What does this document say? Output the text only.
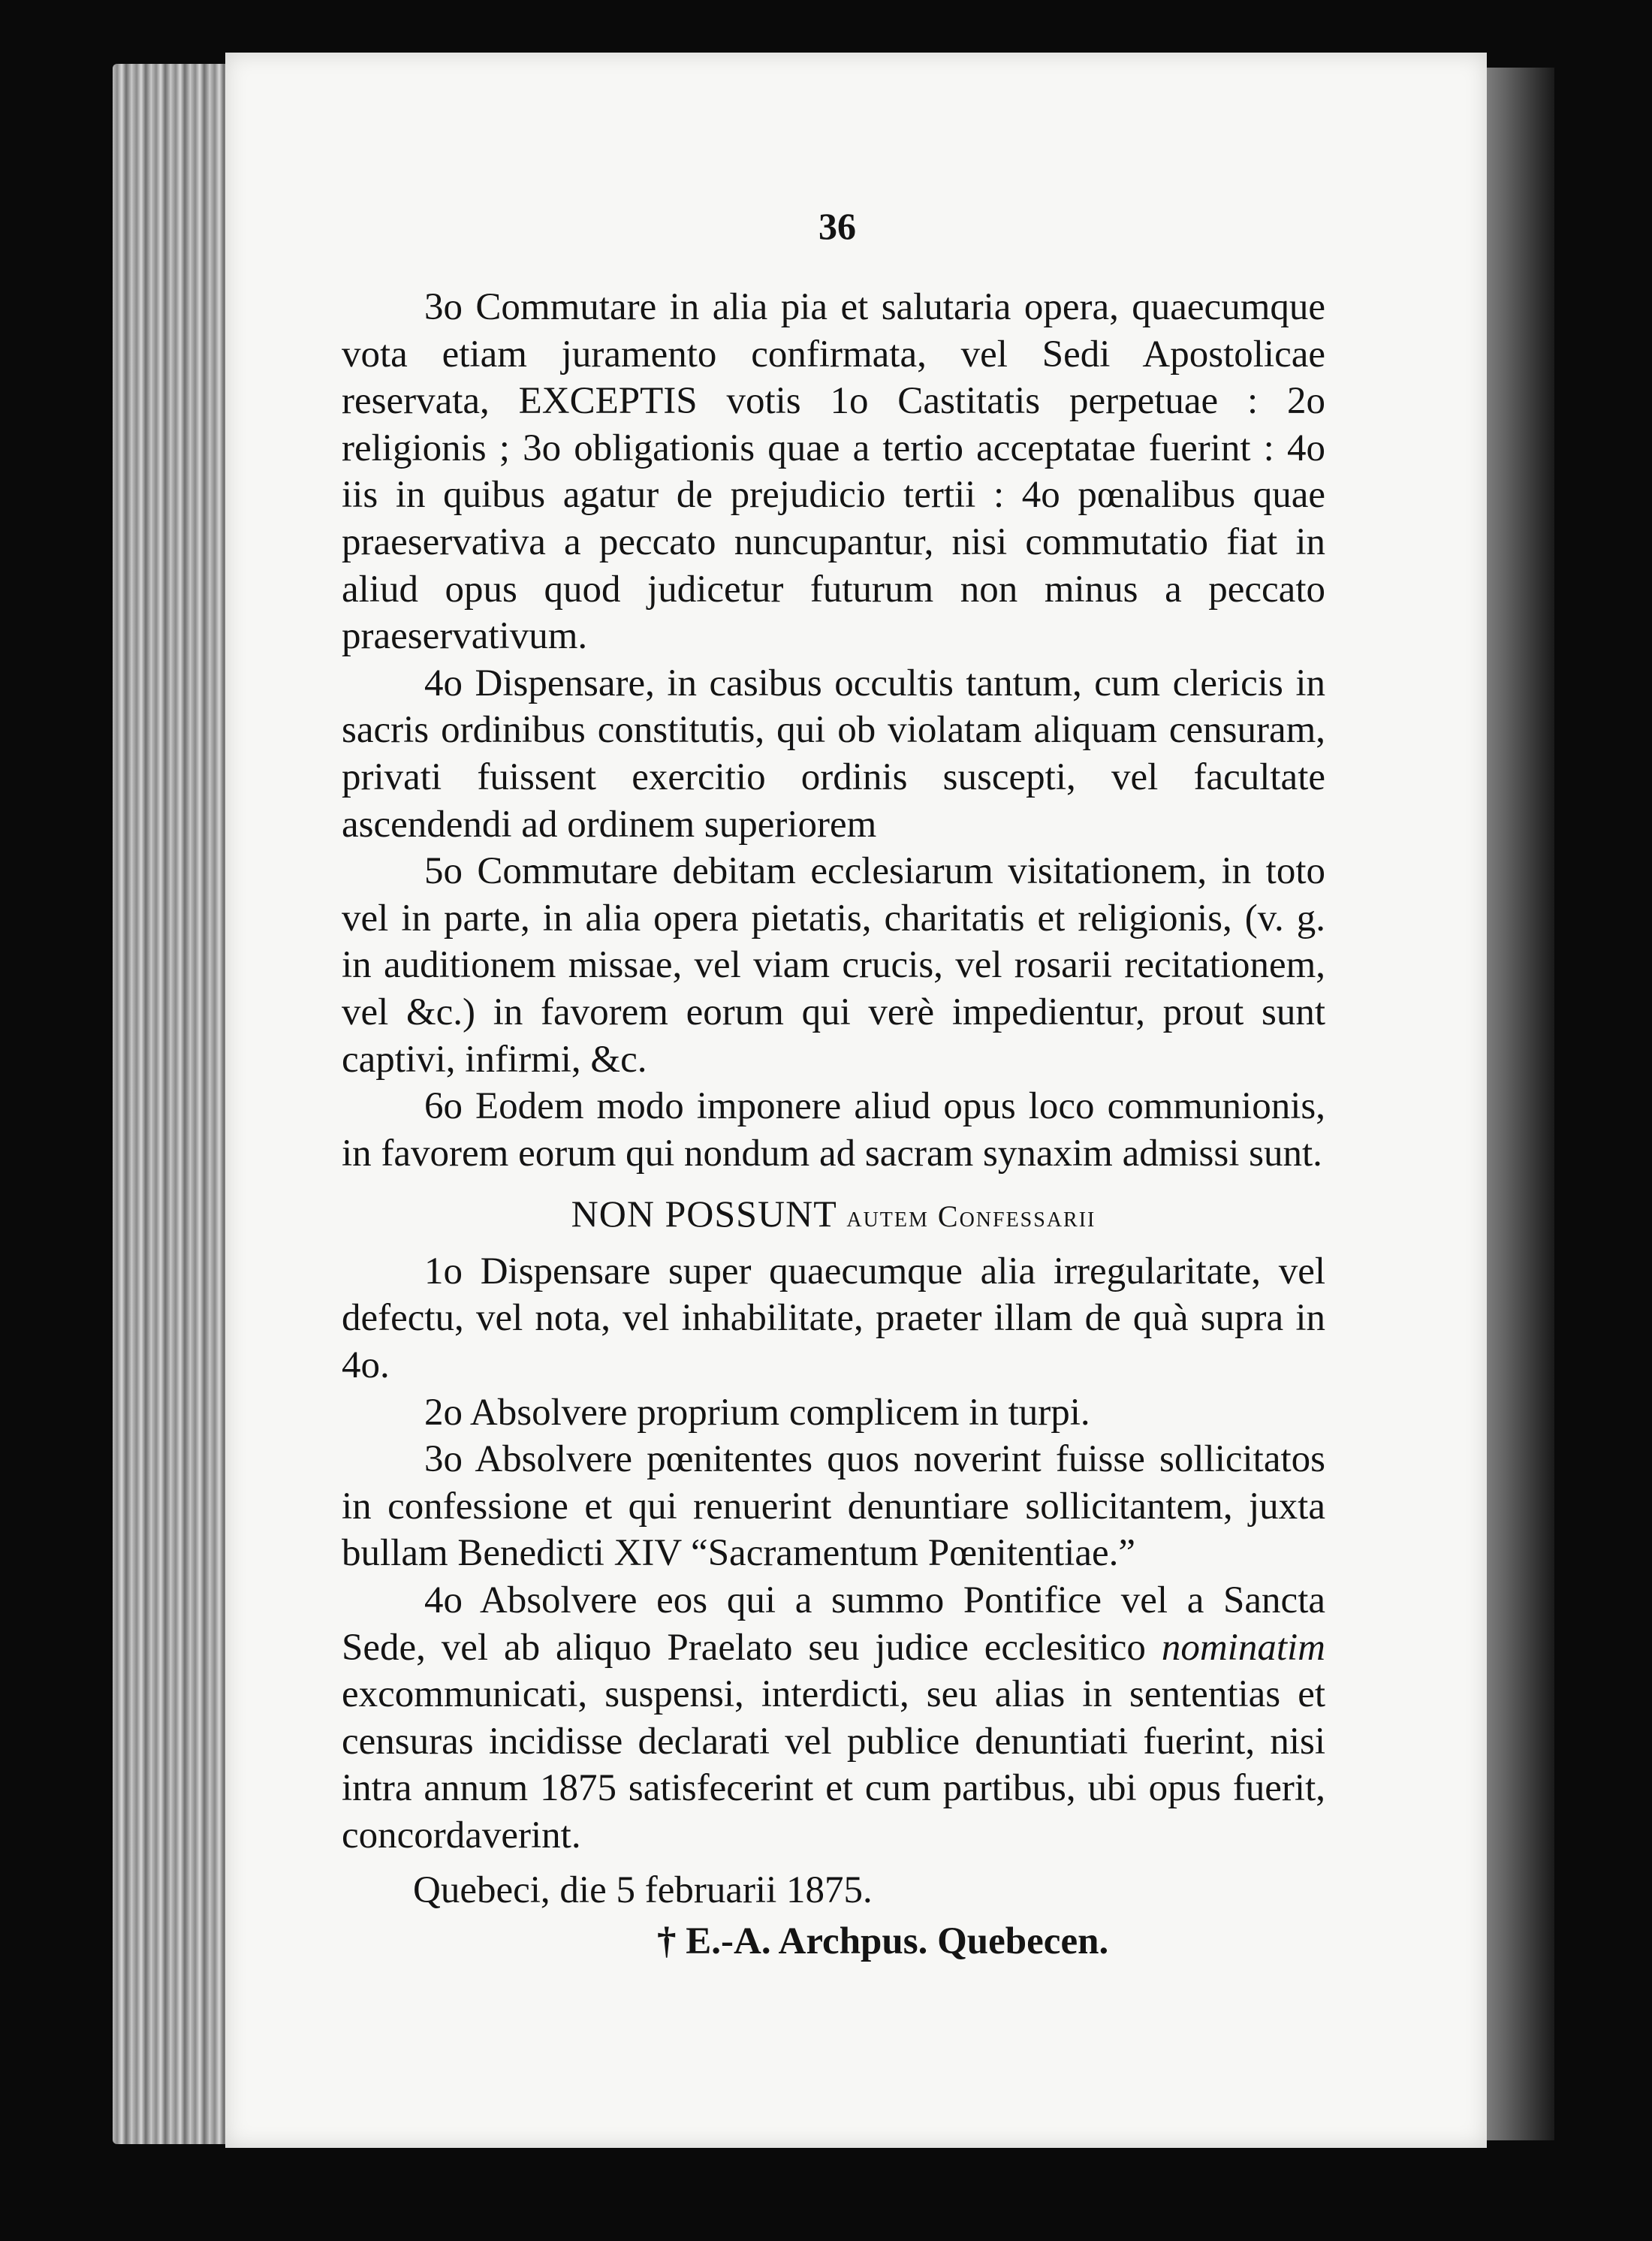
36

3o Commutare in alia pia et salutaria opera, quaecumque vota etiam juramento confirmata, vel Sedi Apostolicae reservata, EXCEPTIS votis 1o Castitatis perpetuae : 2o religionis ; 3o obligationis quae a tertio acceptatae fuerint : 4o iis in quibus agatur de prejudicio tertii : 4o pœnalibus quae praeservativa a peccato nuncupantur, nisi commutatio fiat in aliud opus quod judicetur futurum non minus a peccato praeservativum.

4o Dispensare, in casibus occultis tantum, cum clericis in sacris ordinibus constitutis, qui ob violatam aliquam censuram, privati fuissent exercitio ordinis suscepti, vel facultate ascendendi ad ordinem superiorem

5o Commutare debitam ecclesiarum visitationem, in toto vel in parte, in alia opera pietatis, charitatis et religionis, (v. g. in auditionem missae, vel viam crucis, vel rosarii recitationem, vel &c.) in favorem eorum qui verè impedientur, prout sunt captivi, infirmi, &c.

6o Eodem modo imponere aliud opus loco communionis, in favorem eorum qui nondum ad sacram synaxim admissi sunt.

NON POSSUNT autem Confessarii

1o Dispensare super quaecumque alia irregularitate, vel defectu, vel nota, vel inhabilitate, praeter illam de quà supra in 4o.

2o Absolvere proprium complicem in turpi.

3o Absolvere pœnitentes quos noverint fuisse sollicitatos in confessione et qui renuerint denuntiare sollicitantem, juxta bullam Benedicti XIV “Sacramentum Pœnitentiae.”

4o Absolvere eos qui a summo Pontifice vel a Sancta Sede, vel ab aliquo Praelato seu judice ecclesitico nominatim excommunicati, suspensi, interdicti, seu alias in sententias et censuras incidisse declarati vel publice denuntiati fuerint, nisi intra annum 1875 satisfecerint et cum partibus, ubi opus fuerit, concordaverint.

Quebeci, die 5 februarii 1875.

† E.-A. Archpus. Quebecen.
